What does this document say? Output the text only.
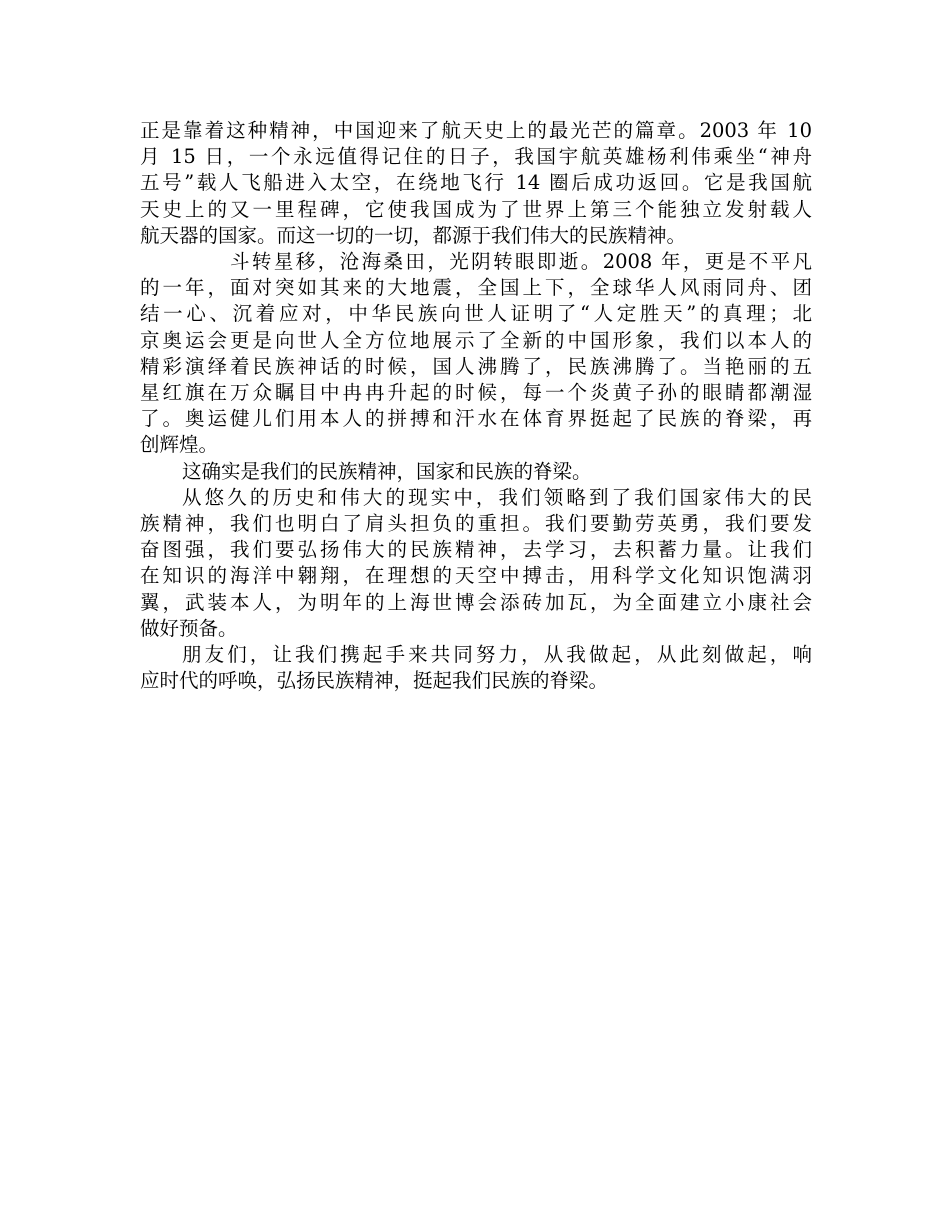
正是靠着这种精神，中国迎来了航天史上的最光芒的篇章。2003 年 10
月 15 日，一个永远值得记住的日子，我国宇航英雄杨利伟乘坐“神舟
五号”载人飞船进入太空，在绕地飞行 14 圈后成功返回。它是我国航
天史上的又一里程碑，它使我国成为了世界上第三个能独立发射载人
航天器的国家。而这一切的一切，都源于我们伟大的民族精神。
斗转星移，沧海桑田，光阴转眼即逝。2008 年，更是不平凡
的一年，面对突如其来的大地震，全国上下，全球华人风雨同舟、团
结一心、沉着应对，中华民族向世人证明了“人定胜天”的真理；北
京奥运会更是向世人全方位地展示了全新的中国形象，我们以本人的
精彩演绎着民族神话的时候，国人沸腾了，民族沸腾了。当艳丽的五
星红旗在万众瞩目中冉冉升起的时候，每一个炎黄子孙的眼睛都潮湿
了。奥运健儿们用本人的拼搏和汗水在体育界挺起了民族的脊梁，再
创辉煌。
这确实是我们的民族精神，国家和民族的脊梁。
从悠久的历史和伟大的现实中，我们领略到了我们国家伟大的民
族精神，我们也明白了肩头担负的重担。我们要勤劳英勇，我们要发
奋图强，我们要弘扬伟大的民族精神，去学习，去积蓄力量。让我们
在知识的海洋中翱翔，在理想的天空中搏击，用科学文化知识饱满羽
翼，武装本人，为明年的上海世博会添砖加瓦，为全面建立小康社会
做好预备。
朋友们，让我们携起手来共同努力，从我做起，从此刻做起，响
应时代的呼唤，弘扬民族精神，挺起我们民族的脊梁。
